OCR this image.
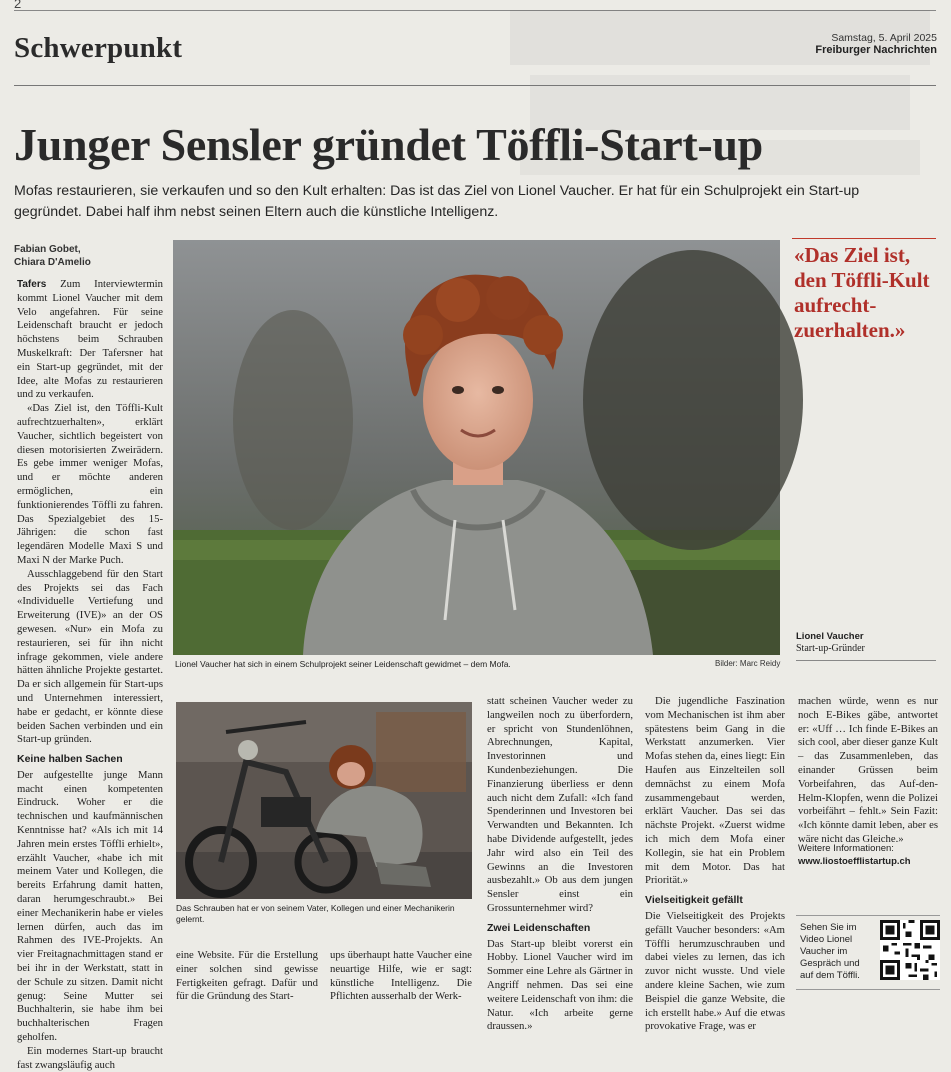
2
Schwerpunkt	Samstag, 5. April 2025
Freiburger Nachrichten
Junger Sensler gründet Töffli-Start-up
Mofas restaurieren, sie verkaufen und so den Kult erhalten: Das ist das Ziel von Lionel Vaucher. Er hat für ein Schulprojekt ein Start-up gegründet. Dabei half ihm nebst seinen Eltern auch die künstliche Intelligenz.
Fabian Gobet,
Chiara D'Amelio
Lionel Vaucher hat sich in einem Schulprojekt seiner Leidenschaft gewidmet – dem Mofa.	Bilder: Marc Reidy
Das Schrauben hat er von seinem Vater, Kollegen und einer Mechanikerin gelernt.

Tafers Zum Interviewtermin kommt Lionel Vaucher mit dem Velo angefahren. Für seine Leidenschaft braucht er jedoch höchstens beim Schrauben Muskelkraft: Der Tafersner hat ein Start-up gegründet, mit der Idee, alte Mofas zu restaurieren und zu verkaufen.

«Das Ziel ist, den Töffli-Kult aufrechtzuerhalten», erklärt Vaucher, sichtlich begeistert von diesen motorisierten Zweirädern. Es gebe immer weniger Mofas, und er möchte anderen ermöglichen, ein funktionierendes Töffli zu fahren. Das Spezialgebiet des 15-Jährigen: die schon fast legendären Modelle Maxi S und Maxi N der Marke Puch.

Ausschlaggebend für den Start des Projekts sei das Fach «Individuelle Vertiefung und Erweiterung (IVE)» an der OS gewesen. «Nur» ein Mofa zu restaurieren, sei für ihn nicht infrage gekommen, viele andere hätten ähnliche Projekte gestartet. Da er sich allgemein für Start-ups und Unternehmen interessiert, habe er gedacht, er könnte diese beiden Sachen verbinden und ein Start-up gründen.

Keine halben Sachen

Der aufgestellte junge Mann macht einen kompetenten Eindruck. Woher er die technischen und kaufmännischen Kenntnisse hat? «Als ich mit 14 Jahren mein erstes Töffli erhielt», erzählt Vaucher, «habe ich mit meinem Vater und Kollegen, die bereits Erfahrung damit hatten, daran herumgeschraubt.» Bei einer Mechanikerin habe er vieles lernen dürfen, auch das im Rahmen des IVE-Projekts. An vier Freitagnachmittagen stand er bei ihr in der Werkstatt, statt in der Schule zu sitzen. Damit nicht genug: Seine Mutter sei Buchhalterin, sie habe ihm bei buchhalterischen Fragen geholfen.

Ein modernes Start-up braucht fast zwangsläufig auch

eine Website. Für die Erstellung einer solchen sind gewisse Fertigkeiten gefragt. Dafür und für die Gründung des Start-

ups überhaupt hatte Vaucher eine neuartige Hilfe, wie er sagt: künstliche Intelligenz. Die Pflichten ausserhalb der Werk-

statt scheinen Vaucher weder zu langweilen noch zu überfordern, er spricht von Stundenlöhnen, Abrechnungen, Kapital, Investorinnen und Kundenbeziehungen. Die Finanzierung überliess er denn auch nicht dem Zufall: «Ich fand Spenderinnen und Investoren bei Verwandten und Bekannten. Ich habe Dividende aufgestellt, jedes Jahr wird also ein Teil des Gewinns an die Investoren ausbezahlt.» Ob aus dem jungen Sensler einst ein Grossunternehmer wird?

Zwei Leidenschaften

Das Start-up bleibt vorerst ein Hobby. Lionel Vaucher wird im Sommer eine Lehre als Gärtner in Angriff nehmen. Das sei eine weitere Leidenschaft von ihm: die Natur. «Ich arbeite gerne draussen.»

Die jugendliche Faszination vom Mechanischen ist ihm aber spätestens beim Gang in die Werkstatt anzumerken. Vier Mofas stehen da, eines liegt: Ein Haufen aus Einzelteilen soll demnächst zu einem Mofa zusammengebaut werden, erklärt Vaucher. Das sei das nächste Projekt. «Zuerst widme ich mich dem Mofa einer Kollegin, sie hat ein Problem mit dem Motor. Das hat Priorität.»

Vielseitigkeit gefällt

Die Vielseitigkeit des Projekts gefällt Vaucher besonders: «Am Töffli herumzuschrauben und dabei vieles zu lernen, das ich zuvor nicht wusste. Und viele andere kleine Sachen, wie zum Beispiel die ganze Website, die ich erstellt habe.» Auf die etwas provokative Frage, was er

machen würde, wenn es nur noch E-Bikes gäbe, antwortet er: «Uff … Ich finde E-Bikes an sich cool, aber dieser ganze Kult – das Zusammenleben, das einander Grüssen beim Vorbeifahren, das Auf-den-Helm-Klopfen, wenn die Polizei vorbeifährt – fehlt.» Sein Fazit: «Ich könnte damit leben, aber es wäre nicht das Gleiche.»

«Das Ziel ist, den Töffli-Kult aufrecht-zuerhalten.»
Lionel Vaucher
Start-up-Gründer
Weitere Informationen:
www.liostoefflistartup.ch
Sehen Sie im Video Lionel Vaucher im Gespräch und auf dem Töffli.
